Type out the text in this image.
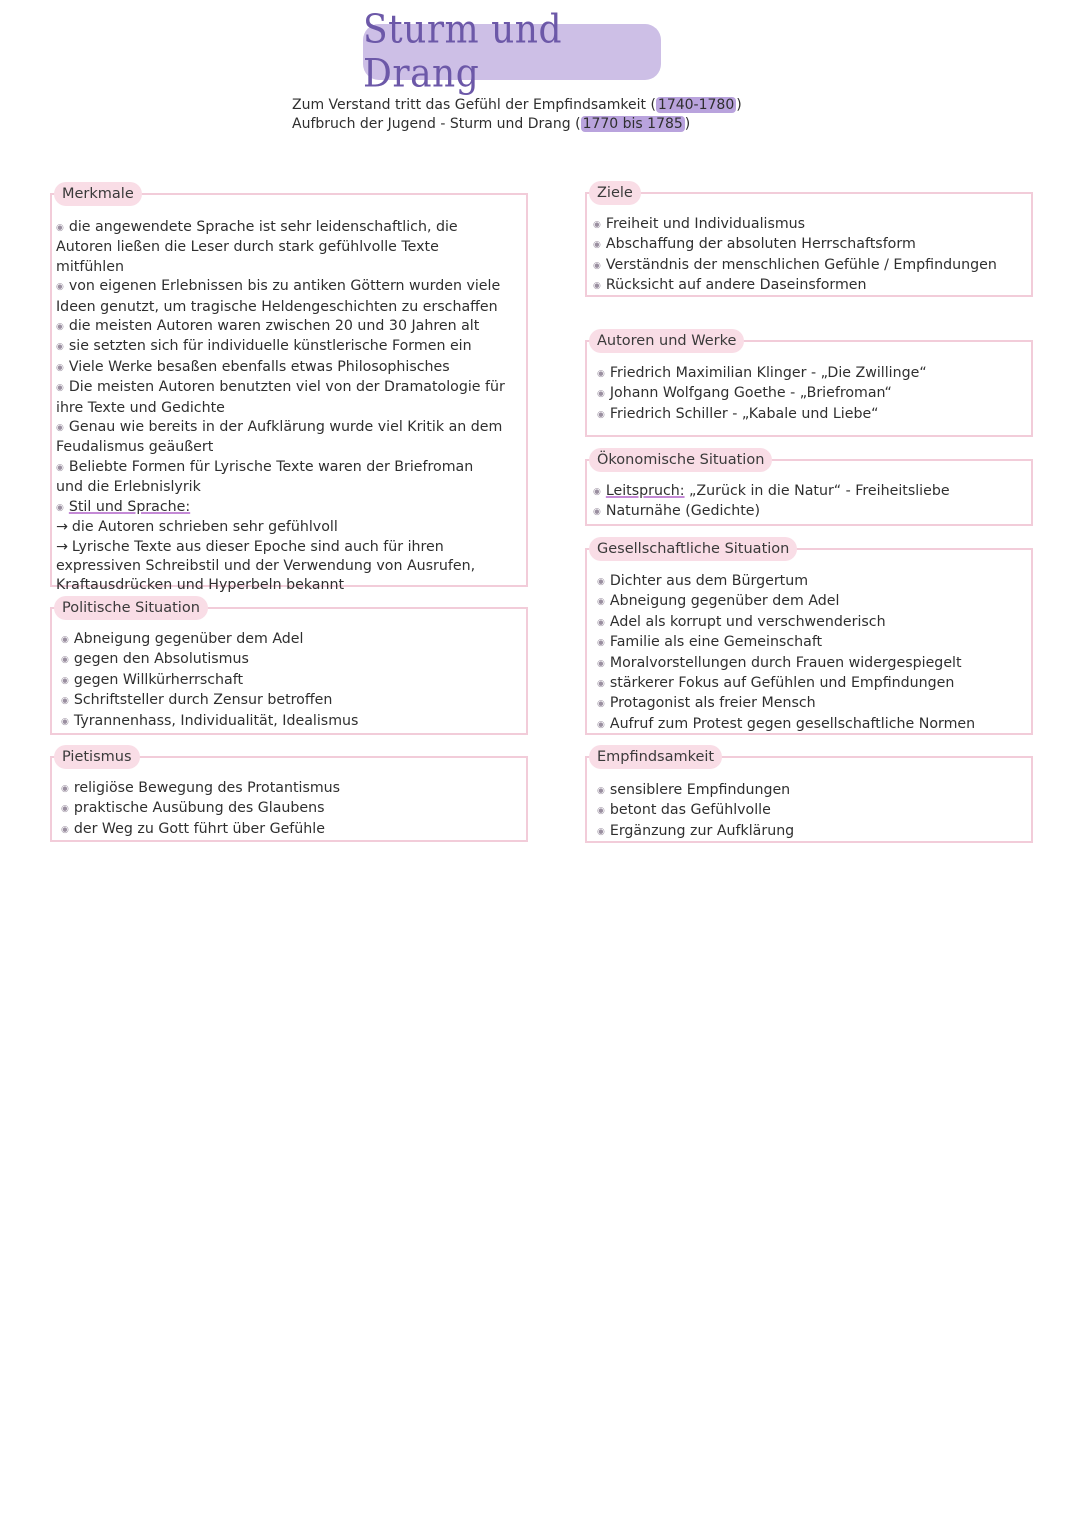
Sturm und Drang
Zum Verstand tritt das Gefühl der Empfindsamkeit ( 1740-1780 )
Aufbruch der Jugend - Sturm und Drang ( 1770 bis 1785 )
Merkmale
◉ die angewendete Sprache ist sehr leidenschaftlich, die
Autoren ließen die Leser durch stark gefühlvolle Texte
mitfühlen
◉ von eigenen Erlebnissen bis zu antiken Göttern wurden viele
Ideen genutzt, um tragische Heldengeschichten zu erschaffen
◉ die meisten Autoren waren zwischen 20 und 30 Jahren alt
◉ sie setzten sich für individuelle künstlerische Formen ein
◉ Viele Werke besaßen ebenfalls etwas Philosophisches
◉ Die meisten Autoren benutzten viel von der Dramatologie für
ihre Texte und Gedichte
◉ Genau wie bereits in der Aufklärung wurde viel Kritik an dem
Feudalismus geäußert
◉ Beliebte Formen für Lyrische Texte waren der Briefroman
und die Erlebnislyrik
◉ Stil und Sprache:
→ die Autoren schrieben sehr gefühlvoll
→ Lyrische Texte aus dieser Epoche sind auch für ihren
expressiven Schreibstil und der Verwendung von Ausrufen,
Kraftausdrücken und Hyperbeln bekannt
Politische Situation
◉ Abneigung gegenüber dem Adel
◉ gegen den Absolutismus
◉ gegen Willkürherrschaft
◉ Schriftsteller durch Zensur betroffen
◉ Tyrannenhass, Individualität, Idealismus
Pietismus
◉ religiöse Bewegung des Protantismus
◉ praktische Ausübung des Glaubens
◉ der Weg zu Gott führt über Gefühle
Ziele
◉ Freiheit und Individualismus
◉ Abschaffung der absoluten Herrschaftsform
◉ Verständnis der menschlichen Gefühle / Empfindungen
◉ Rücksicht auf andere Daseinsformen
Autoren und Werke
◉ Friedrich Maximilian Klinger - „Die Zwillinge“
◉ Johann Wolfgang Goethe - „Briefroman“
◉ Friedrich Schiller - „Kabale und Liebe“
Ökonomische Situation
◉ Leitspruch: „Zurück in die Natur“ - Freiheitsliebe
◉ Naturnähe (Gedichte)
Gesellschaftliche Situation
◉ Dichter aus dem Bürgertum
◉ Abneigung gegenüber dem Adel
◉ Adel als korrupt und verschwenderisch
◉ Familie als eine Gemeinschaft
◉ Moralvorstellungen durch Frauen widergespiegelt
◉ stärkerer Fokus auf Gefühlen und Empfindungen
◉ Protagonist als freier Mensch
◉ Aufruf zum Protest gegen gesellschaftliche Normen
Empfindsamkeit
◉ sensiblere Empfindungen
◉ betont das Gefühlvolle
◉ Ergänzung zur Aufklärung
